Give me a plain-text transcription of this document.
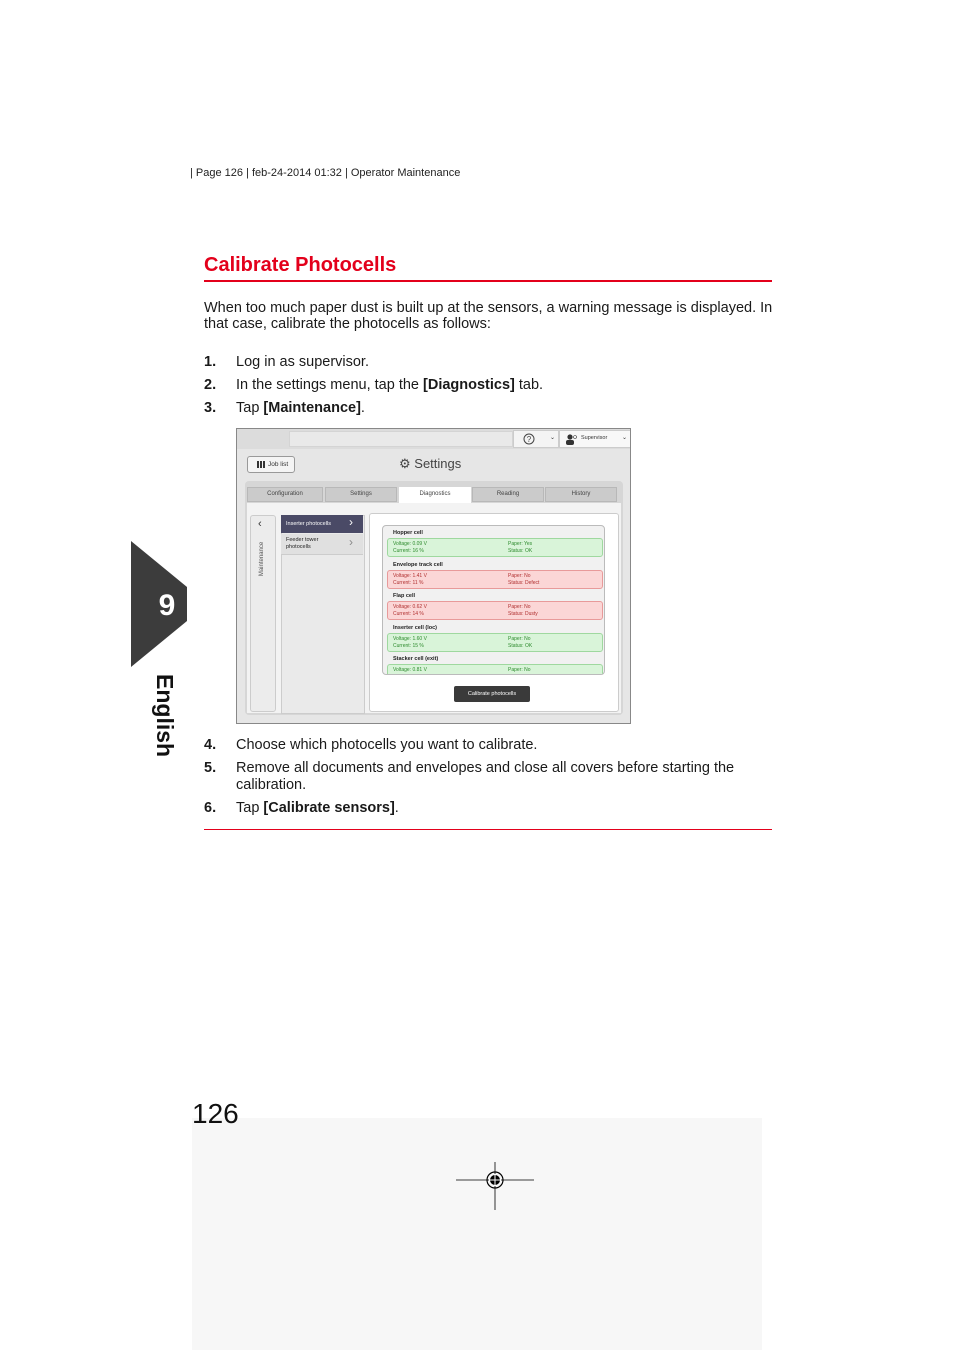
| Page 126 | feb-24-2014 01:32 | Operator Maintenance
Calibrate Photocells
When too much paper dust is built up at the sensors, a warning message is displayed. In that case, calibrate the photocells as follows:
1. Log in as supervisor.
2. In the settings menu, tap the [Diagnostics] tab.
3. Tap [Maintenance].
?	⌄	Supervisor ⌄
Job list	⚙ Settings
Configuration	Settings	Diagnostics	Reading	History
‹
Maintenance
Inserter photocells ›
Feeder tower photocells	›
Hopper cell
Voltage: 0.09 V
Current: 16 %
Paper: Yes
Status: OK
Envelope track cell
Voltage: 1.41 V
Current: 11 %
Paper: No
Status: Defect
Flap cell
Voltage: 0.62 V
Current: 14 %
Paper: No
Status: Dusty
Inserter cell (loc)
Voltage: 1.60 V
Current: 15 %
Paper: No
Status: OK
Stacker cell (exit)
Voltage: 0.81 V	Paper: No
Calibrate photocells
4. Choose which photocells you want to calibrate.
5. Remove all documents and envelopes and close all covers before starting the calibration.
6. Tap [Calibrate sensors].
9
English
126
